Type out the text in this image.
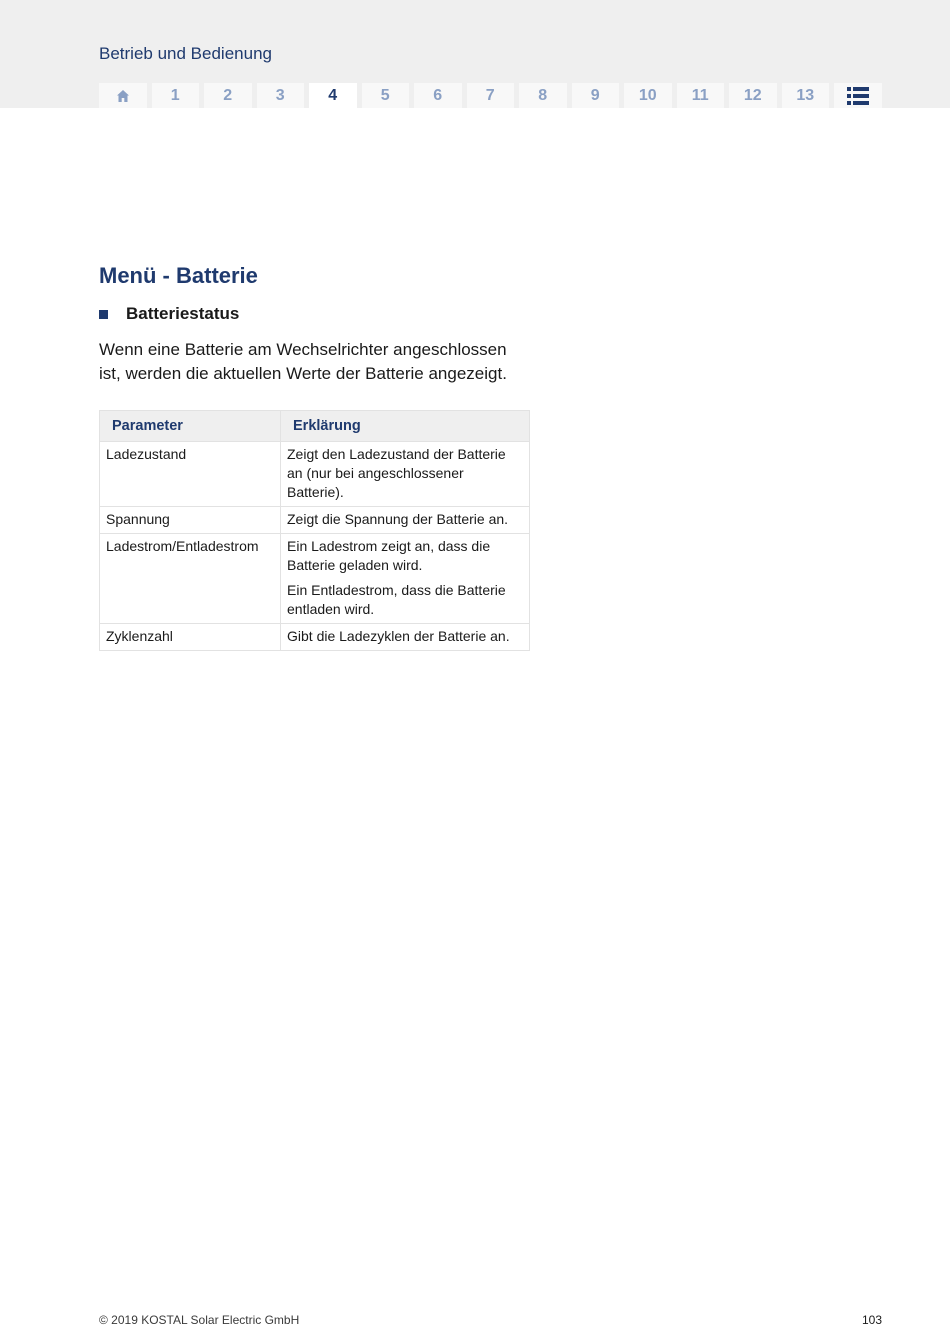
Betrieb und Bedienung
1	2	3	4	5	6	7	8	9	10	11	12	13
Menü - Batterie
Batteriestatus
Wenn eine Batterie am Wechselrichter angeschlossen ist, werden die aktuellen Werte der Batterie angezeigt.
Parameter	Erklärung
Ladezustand	Zeigt den Ladezustand der Batterie an (nur bei angeschlossener Batterie).

Spannung	Zeigt die Spannung der Batterie an.

Ladestrom/Entladestrom	Ein Ladestrom zeigt an, dass die Batterie geladen wird.

Ein Entladestrom, dass die Batterie entladen wird.

Zyklenzahl	Gibt die Ladezyklen der Batterie an.

© 2019 KOSTAL Solar Electric GmbH	103
